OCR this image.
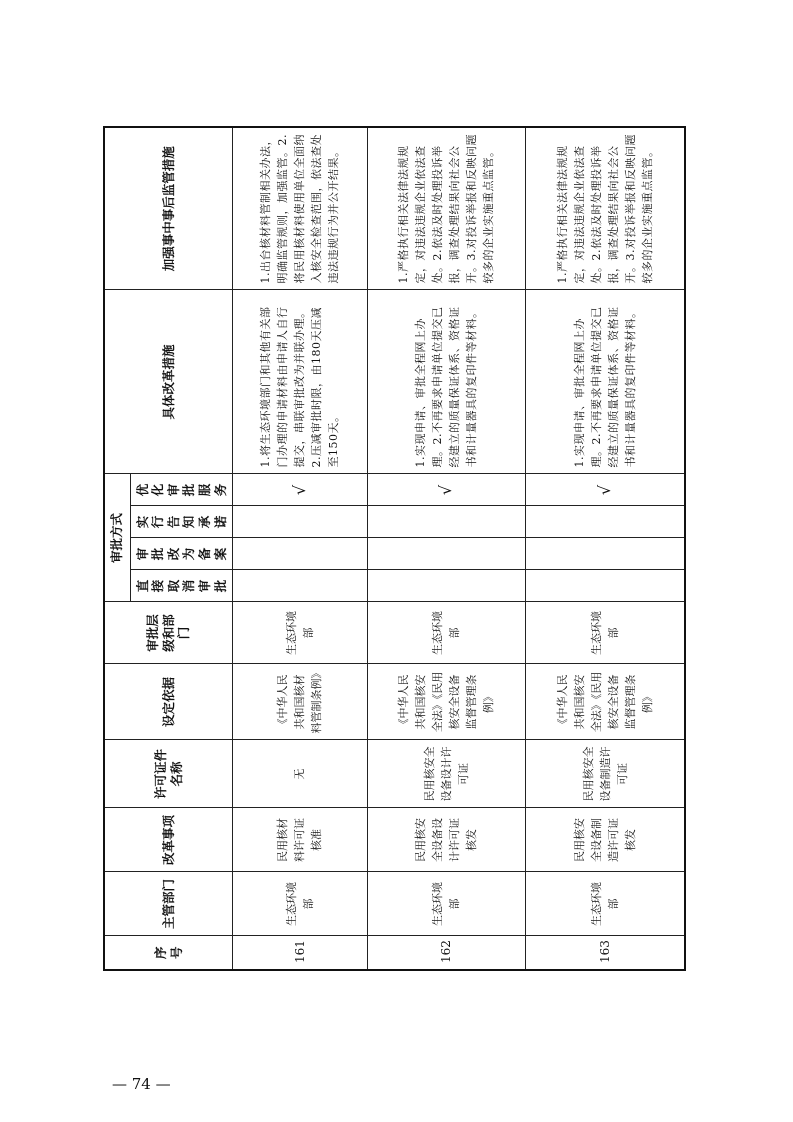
序号	主管部门	改革事项	许可证件名称	设定依据	审批层级和部门	审批方式				具体改革措施	加强事中事后监管措施
						直接取消审批	审批改为备案	实行告知承诺	优化审批服务		
161	生态环境部	民用核材料许可证核准	无	《中华人民共和国核材料管制条例》	生态环境部				√	1.将生态环境部门和其他有关部门办理的申请材料由申请人自行提交，串联审批改为并联办理。2.压减审批时限，由180天压减至150天。	1.出台核材料管制相关办法，明确监管规则，加强监管。2.将民用核材料使用单位全面纳入核安全检查范围，依法查处违法违规行为并公开结果。
162	生态环境部	民用核安全设备设计许可证核发	民用核安全设备设计许可证	《中华人民共和国核安全法》《民用核安全设备监督管理条例》	生态环境部				√	1.实现申请、审批全程网上办理。2.不再要求申请单位提交已经建立的质量保证体系、资格证书和计量器具的复印件等材料。	1.严格执行相关法律法规规定，对违法违规企业依法查处。2.依法及时处理投诉举报，调查处理结果向社会公开。3.对投诉举报和反映问题较多的企业实施重点监管。
163	生态环境部	民用核安全设备制造许可证核发	民用核安全设备制造许可证	《中华人民共和国核安全法》《民用核安全设备监督管理条例》	生态环境部				√	1.实现申请、审批全程网上办理。2.不再要求申请单位提交已经建立的质量保证体系、资格证书和计量器具的复印件等材料。	1.严格执行相关法律法规规定，对违法违规企业依法查处。2.依法及时处理投诉举报，调查处理结果向社会公开。3.对投诉举报和反映问题较多的企业实施重点监管。
— 74 —
